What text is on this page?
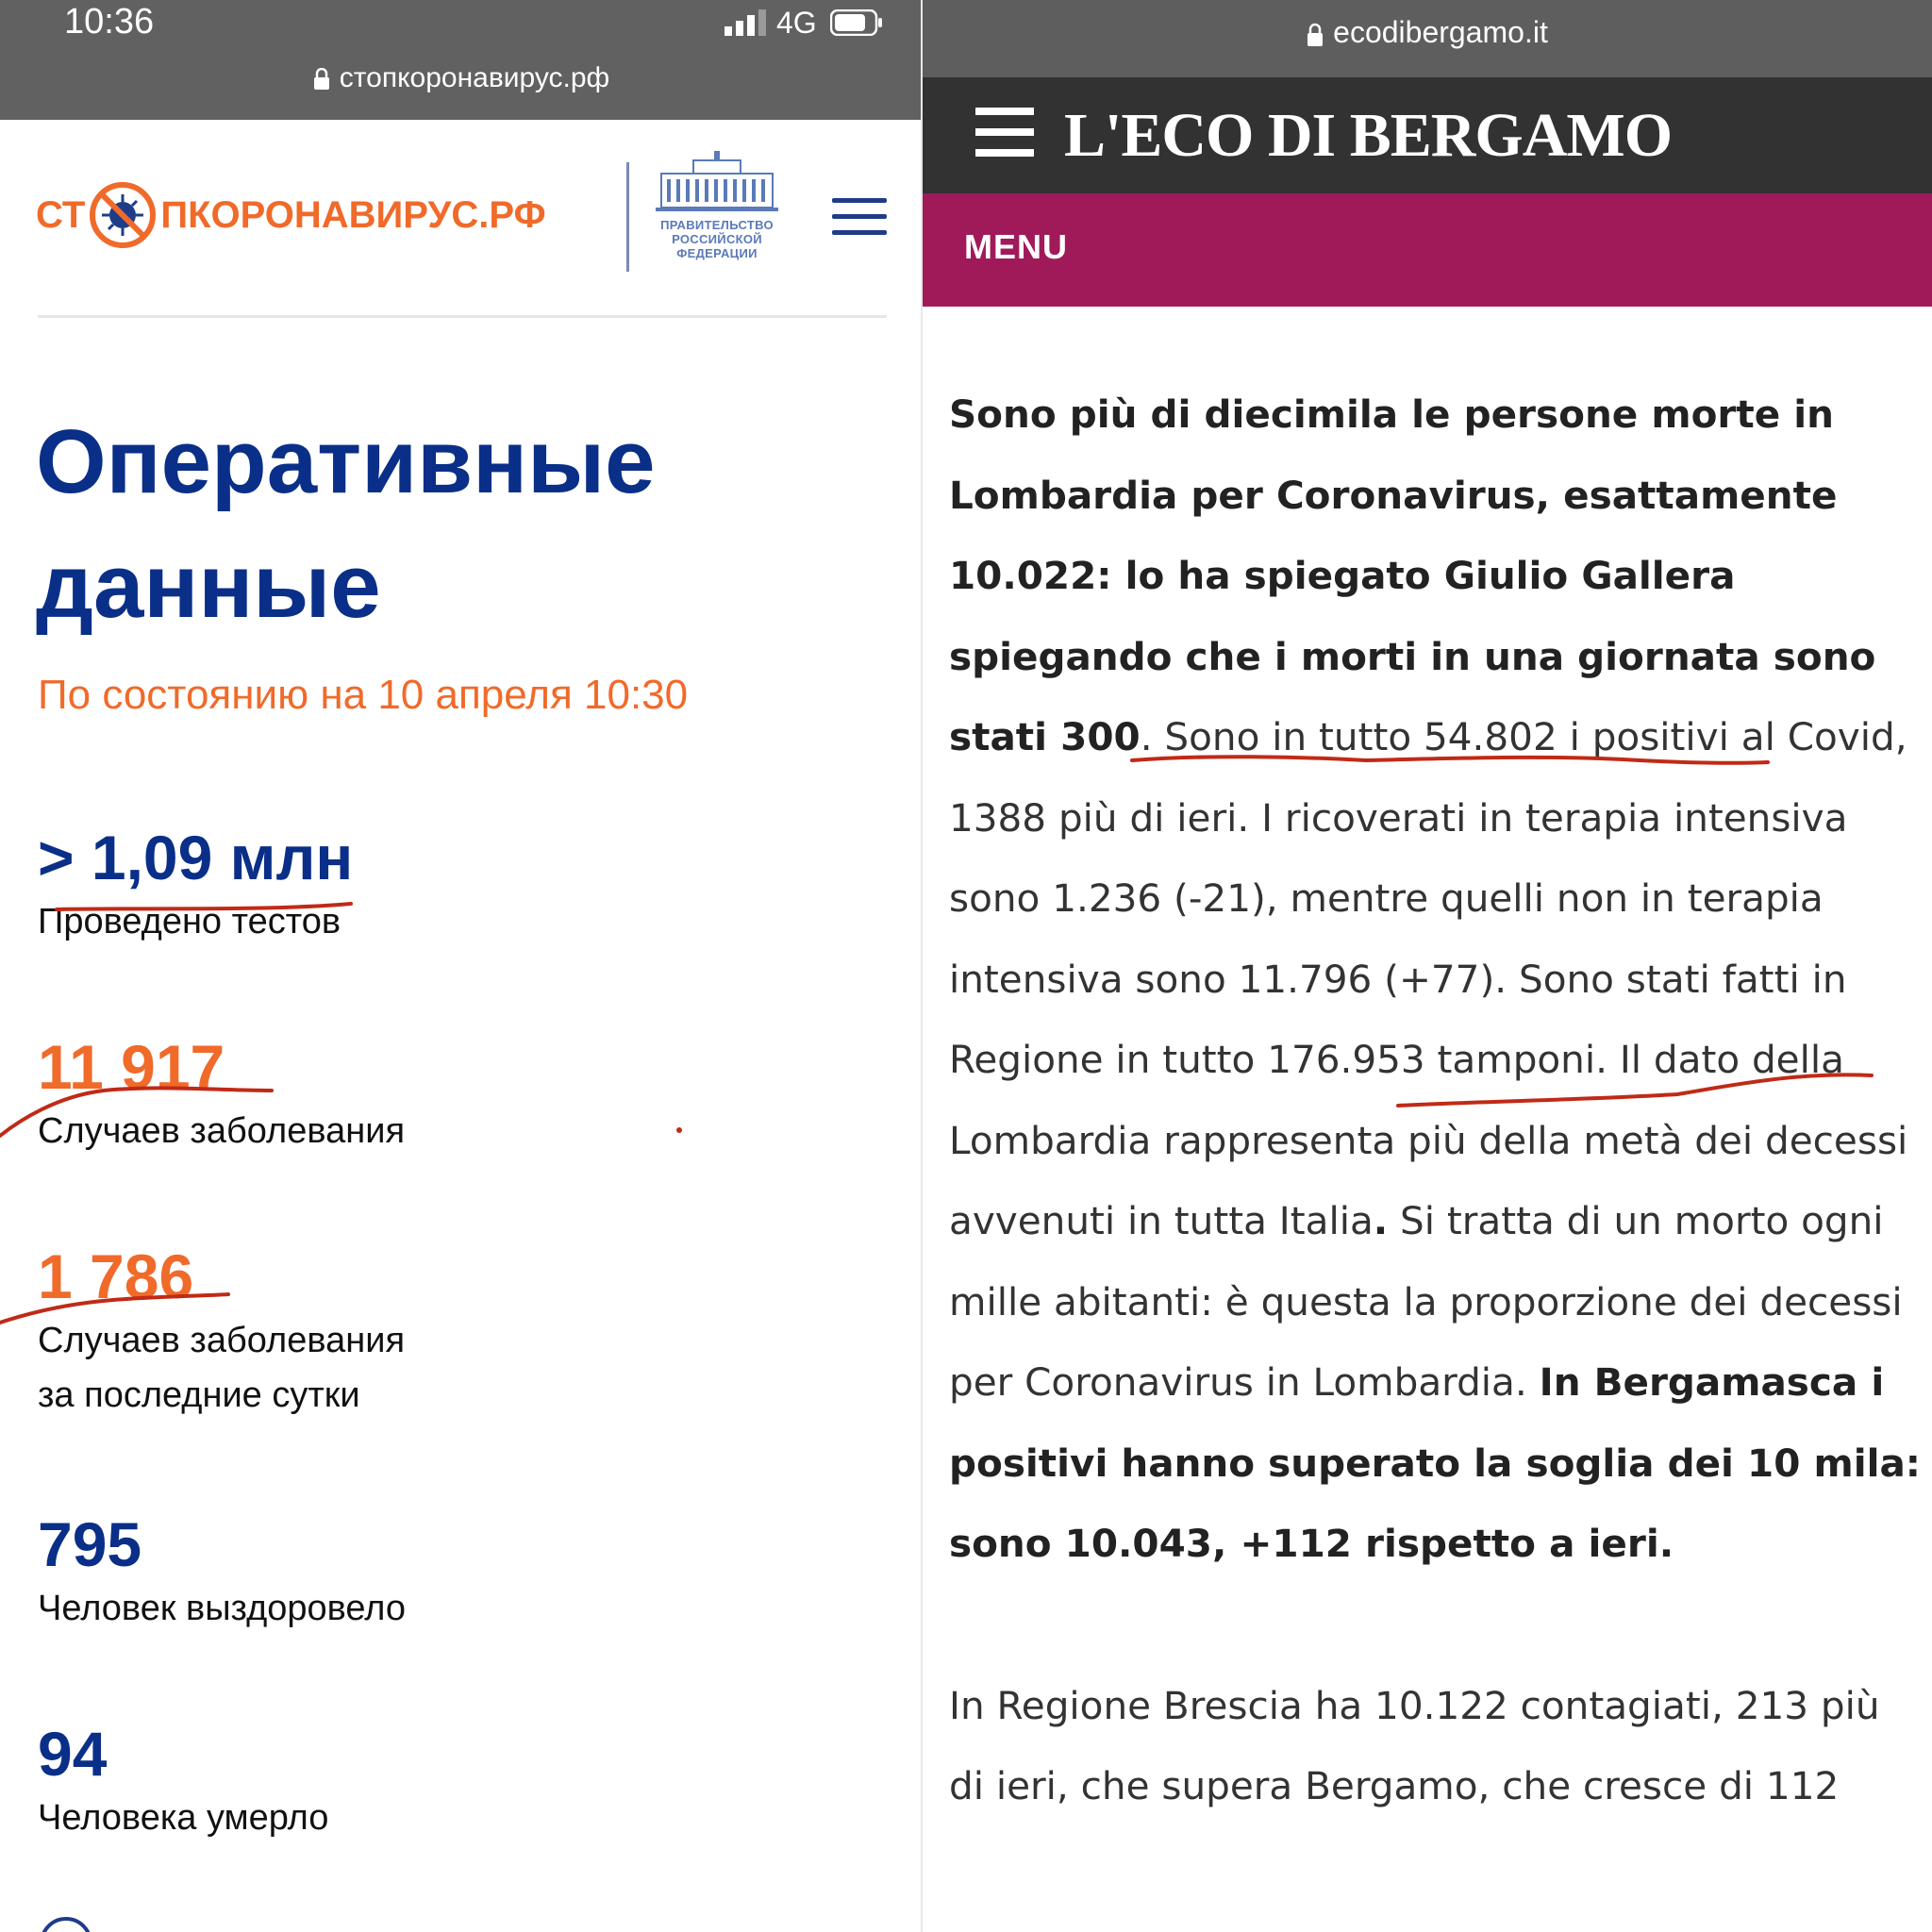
10:36	4G
стопкоронавирус.рф
СТ ПКОРОНАВИРУС .РФ	ПРАВИТЕЛЬСТВО
РОССИЙСКОЙ
ФЕДЕРАЦИИ
Оперативные
данные
По состоянию на 10 апреля 10:30
> 1,09 млн
Проведено тестов
11 917
Случаев заболевания
1 786
Случаев заболевания
за последние сутки
795
Человек выздоровело
94
Человека умерло
ecodibergamo.it
L'ECO DI BERGAMO
MENU

Sono più di diecimila le persone morte in Lombardia per Coronavirus, esattamente 10.022: lo ha spiegato Giulio Gallera spiegando che i morti in una giornata sono stati 300. Sono in tutto 54.802 i positivi al Covid, 1388 più di ieri. I ricoverati in terapia intensiva sono 1.236 (-21), mentre quelli non in terapia intensiva sono 11.796 (+77). Sono stati fatti in Regione in tutto 176.953 tamponi. Il dato della Lombardia rappresenta più della metà dei decessi avvenuti in tutta Italia. Si tratta di un morto ogni mille abitanti: è questa la proporzione dei decessi per Coronavirus in Lombardia. In Bergamasca i positivi hanno superato la soglia dei 10 mila: sono 10.043, +112 rispetto a ieri.

In Regione Brescia ha 10.122 contagiati, 213 più di ieri, che supera Bergamo, che cresce di 112
